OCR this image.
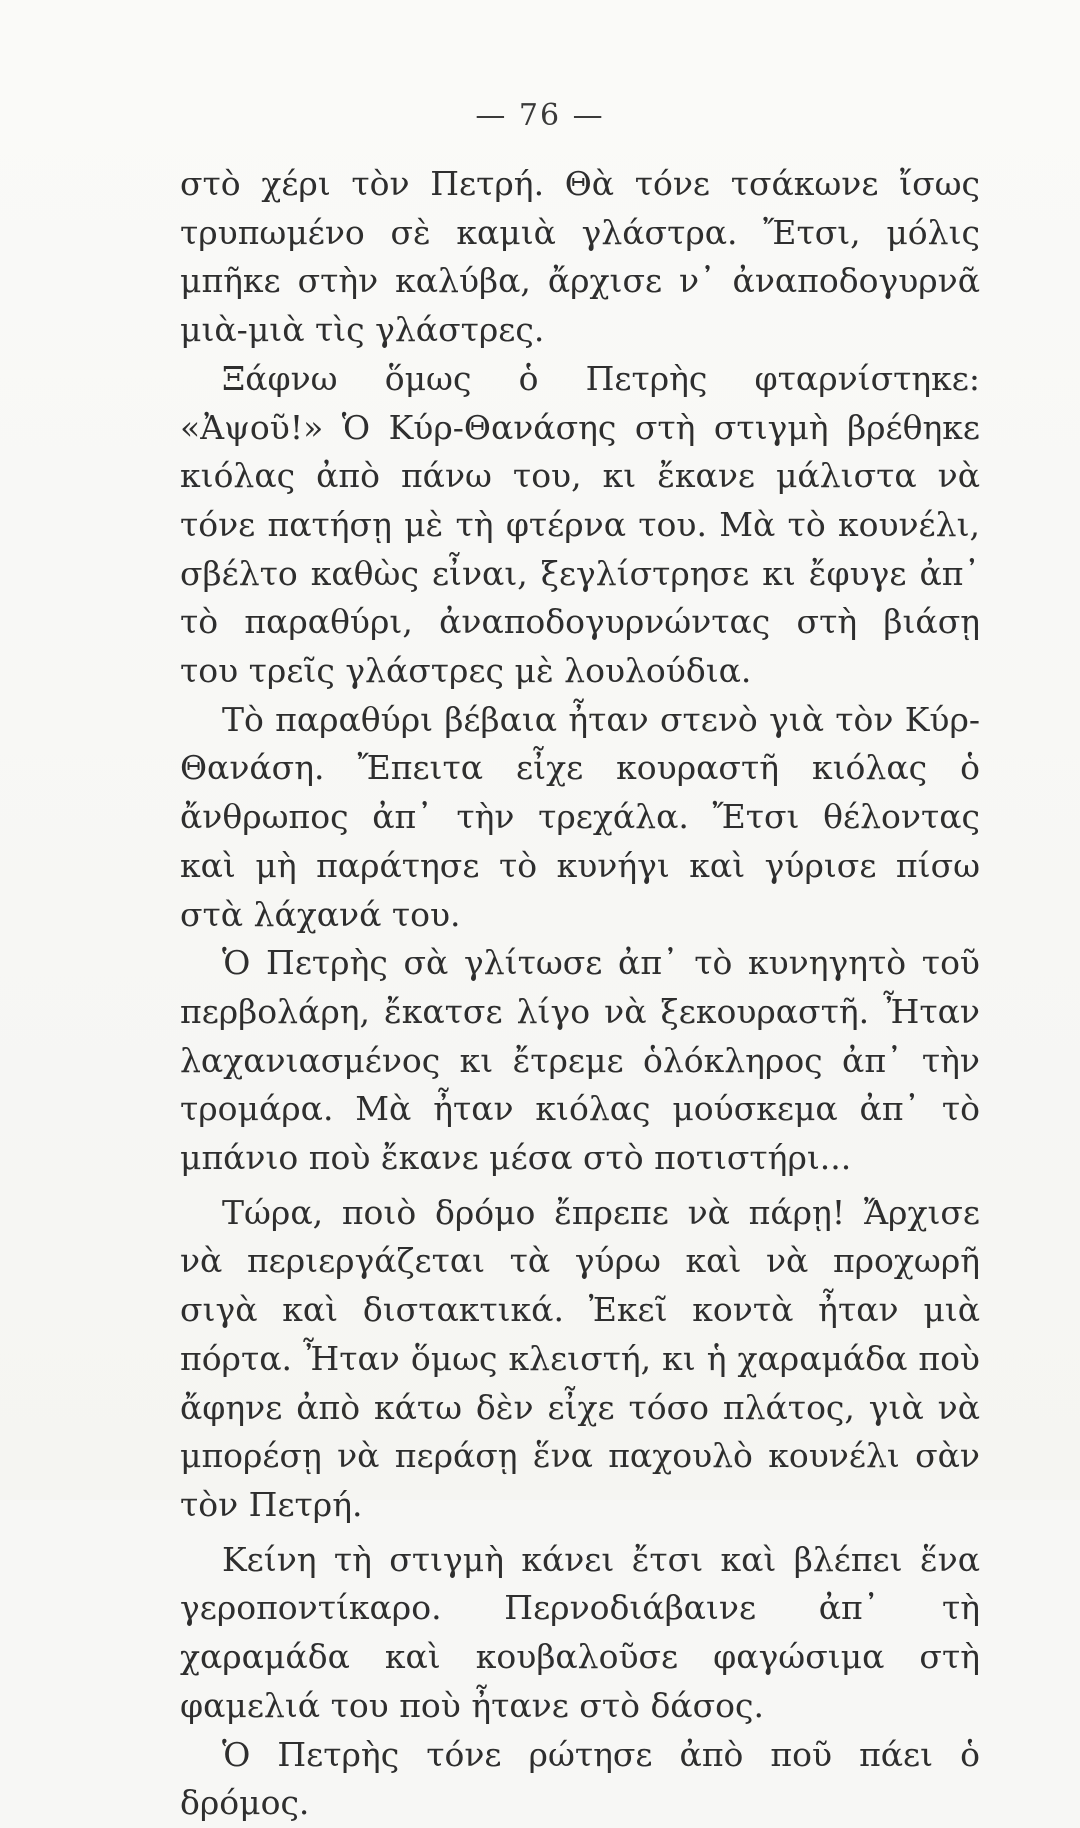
— 76 —

στὸ χέρι τὸν Πετρή. Θὰ τόνε τσάκωνε ἴσως τρυπωμένο σὲ καμιὰ γλάστρα. Ἔτσι, μόλις μπῆκε στὴν καλύβα, ἄρχισε ν᾽ ἀναποδογυρνᾶ μιὰ-μιὰ τὶς γλάστρες.

Ξάφνω ὅμως ὁ Πετρὴς φταρνίστηκε: «Ἀψοῦ!» Ὁ Κύρ-Θανάσης στὴ στιγμὴ βρέθηκε κιόλας ἀπὸ πάνω του, κι ἔκανε μάλιστα νὰ τόνε πατήσῃ μὲ τὴ φτέρνα του. Μὰ τὸ κουνέλι, σβέλτο καθὼς εἶναι, ξεγλίστρησε κι ἔφυγε ἀπ᾽ τὸ παραθύρι, ἀναποδογυρνώντας στὴ βιάσῃ του τρεῖς γλάστρες μὲ λουλούδια.

Τὸ παραθύρι βέβαια ἦταν στενὸ γιὰ τὸν Κύρ-Θανάση. Ἔπειτα εἶχε κουραστῆ κιόλας ὁ ἄνθρωπος ἀπ᾽ τὴν τρεχάλα. Ἔτσι θέλοντας καὶ μὴ παράτησε τὸ κυνήγι καὶ γύρισε πίσω στὰ λάχανά του.

Ὁ Πετρὴς σὰ γλίτωσε ἀπ᾽ τὸ κυνηγητὸ τοῦ περβολάρη, ἔκατσε λίγο νὰ ξεκουραστῆ. Ἦταν λαχανιασμένος κι ἔτρεμε ὁλόκληρος ἀπ᾽ τὴν τρομάρα. Μὰ ἦταν κιόλας μούσκεμα ἀπ᾽ τὸ μπάνιο ποὺ ἔκανε μέσα στὸ ποτιστήρι...

Τώρα, ποιὸ δρόμο ἔπρεπε νὰ πάρῃ! Ἄρχισε νὰ περιεργάζεται τὰ γύρω καὶ νὰ προχωρῆ σιγὰ καὶ διστακτικά. Ἐκεῖ κοντὰ ἦταν μιὰ πόρτα. Ἦταν ὅμως κλειστή, κι ἡ χαραμάδα ποὺ ἄφηνε ἀπὸ κάτω δὲν εἶχε τόσο πλάτος, γιὰ νὰ μπορέσῃ νὰ περάσῃ ἕνα παχουλὸ κουνέλι σὰν τὸν Πετρή.

Κείνη τὴ στιγμὴ κάνει ἔτσι καὶ βλέπει ἕνα γεροποντίκαρο. Περνοδιάβαινε ἀπ᾽ τὴ χαραμάδα καὶ κουβαλοῦσε φαγώσιμα στὴ φαμελιά του ποὺ ἦτανε στὸ δάσος.

Ὁ Πετρὴς τόνε ρώτησε ἀπὸ ποῦ πάει ὁ δρόμος.
